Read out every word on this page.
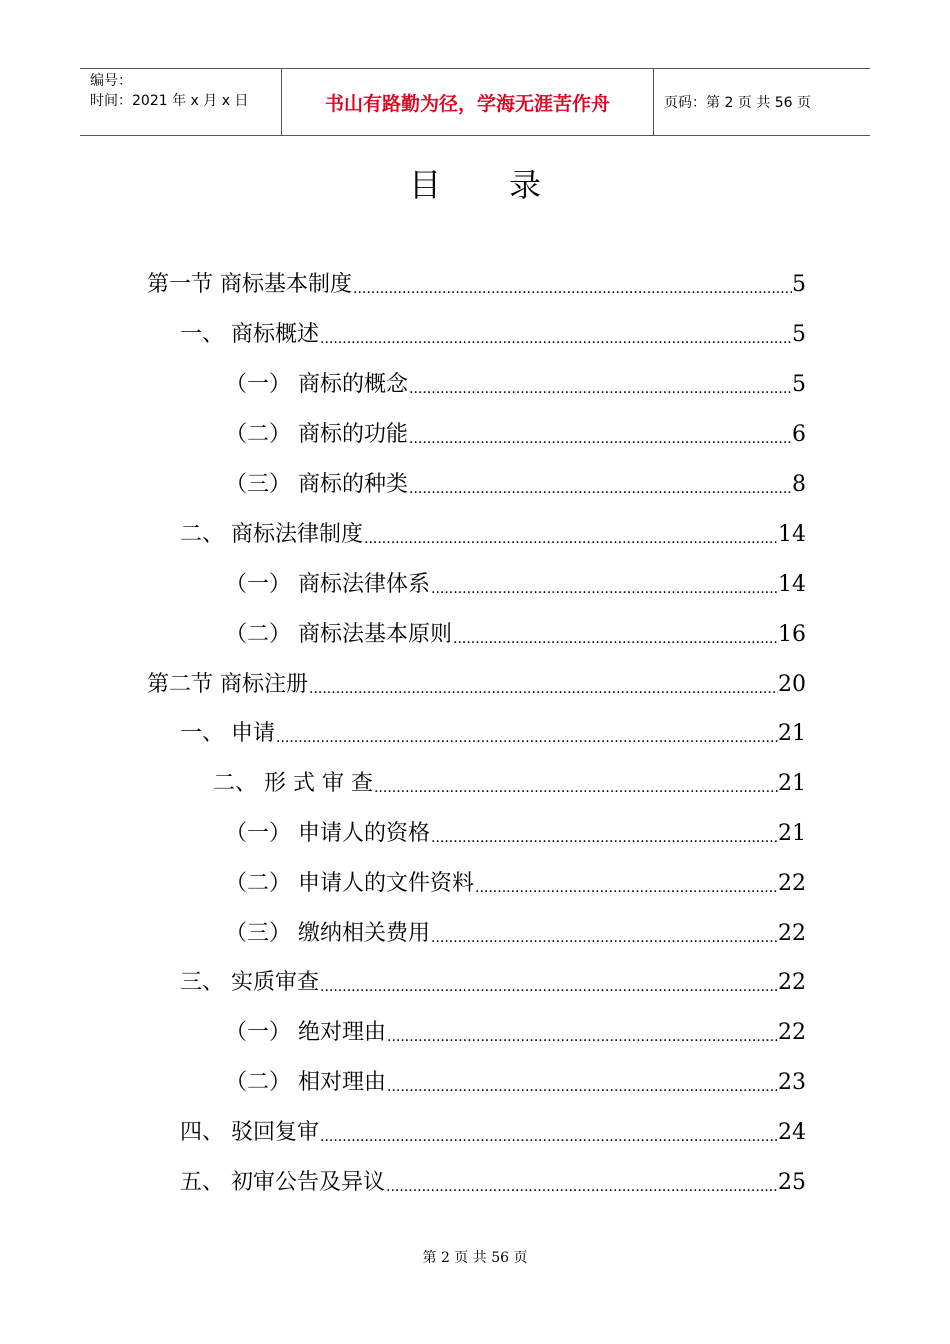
编号：
时间：2021 年 x 月 x 日	书山有路勤为径，学海无涯苦作舟	页码：第 2 页 共 56 页
目录
第一节 商标基本制度 .....	5
一、 商标概述 .....	5
（一） 商标的概念 .....	5
（二） 商标的功能 .....	6
（三） 商标的种类 .....	8
二、 商标法律制度 .....	14
（一） 商标法律体系 .....	14
（二） 商标法基本原则 .....	16
第二节 商标注册 .....	20
一、 申请 .....	21
二、 形 式 审 查 .....	21
（一） 申请人的资格 .....	21
（二） 申请人的文件资料 .....	22
（三） 缴纳相关费用 .....	22
三、 实质审查 .....	22
（一） 绝对理由 .....	22
（二） 相对理由 .....	23
四、 驳回复审 .....	24
五、 初审公告及异议 .....	25
第 2 页 共 56 页
